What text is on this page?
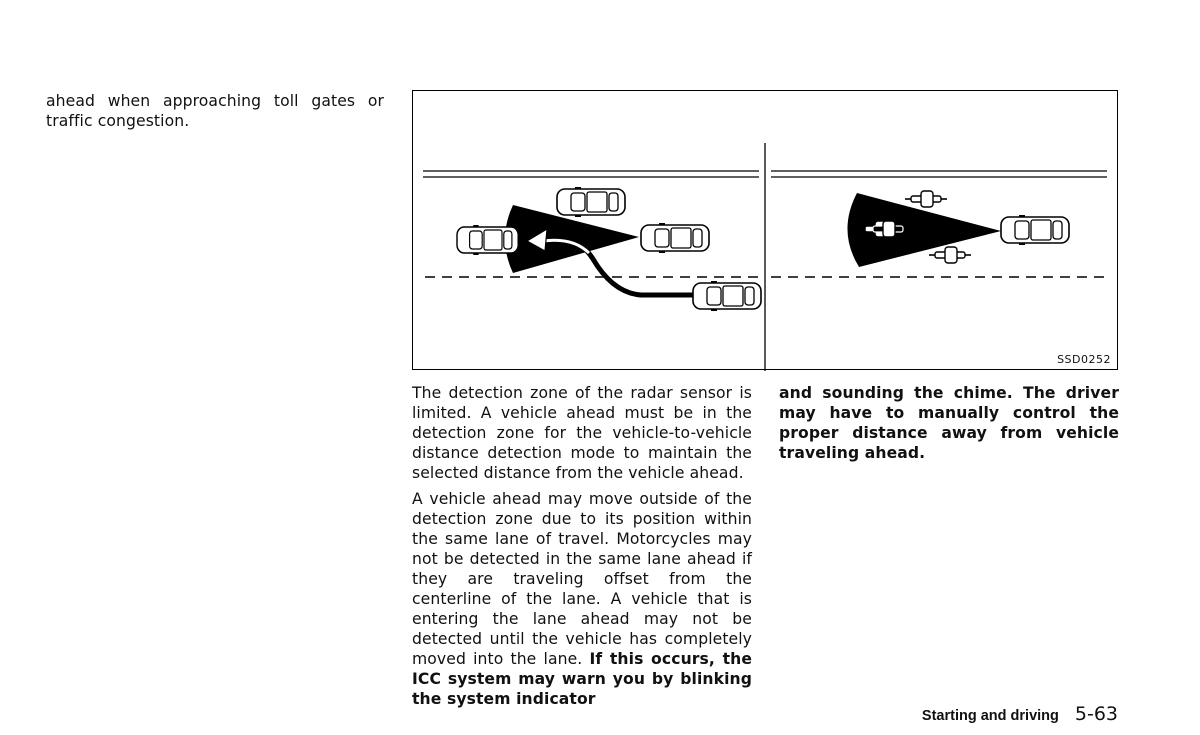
ahead when approaching toll gates or traffic congestion.

SSD0252

The detection zone of the radar sensor is limited. A vehicle ahead must be in the detection zone for the vehicle-to-vehicle distance detection mode to maintain the selected distance from the vehicle ahead.

A vehicle ahead may move outside of the detection zone due to its position within the same lane of travel. Motorcycles may not be detected in the same lane ahead if they are traveling offset from the centerline of the lane. A vehicle that is entering the lane ahead may not be detected until the vehicle has completely moved into the lane. If this occurs, the ICC system may warn you by blinking the system indicator

and sounding the chime. The driver may have to manually control the proper distance away from vehicle traveling ahead.

Starting and driving 5-63
